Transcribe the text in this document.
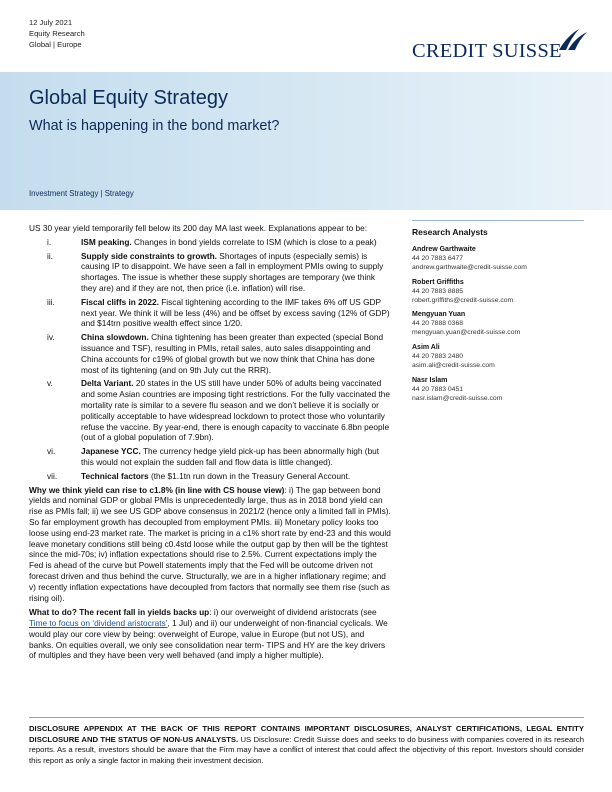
12 July 2021
Equity Research
Global | Europe	CREDIT SUISSE
Global Equity Strategy
What is happening in the bond market?
Investment Strategy | Strategy

US 30 year yield temporarily fell below its 200 day MA last week. Explanations appear to be:

i.	ISM peaking. Changes in bond yields correlate to ISM (which is close to a peak)
ii.	Supply side constraints to growth. Shortages of inputs (especially semis) is causing IP to disappoint. We have seen a fall in employment PMIs owing to supply shortages. The issue is whether these supply shortages are temporary (we think they are) and if they are not, then price (i.e. inflation) will rise.
iii.	Fiscal cliffs in 2022. Fiscal tightening according to the IMF takes 6% off US GDP next year. We think it will be less (4%) and be offset by excess saving (12% of GDP) and $14trn positive wealth effect since 1/20.
iv.	China slowdown. China tightening has been greater than expected (special Bond issuance and TSF), resulting in PMIs, retail sales, auto sales disappointing and China accounts for c19% of global growth but we now think that China has done most of its tightening (and on 9th July cut the RRR).
v.	Delta Variant. 20 states in the US still have under 50% of adults being vaccinated and some Asian countries are imposing tight restrictions. For the fully vaccinated the mortality rate is similar to a severe flu season and we don’t believe it is socially or politically acceptable to have widespread lockdown to protect those who voluntarily refuse the vaccine. By year-end, there is enough capacity to vaccinate 6.8bn people (out of a global population of 7.9bn).
vi.	Japanese YCC. The currency hedge yield pick-up has been abnormally high (but this would not explain the sudden fall and flow data is little changed).
vii.	Technical factors (the $1.1tn run down in the Treasury General Account.

Why we think yield can rise to c1.8% (in line with CS house view): i) The gap between bond yields and nominal GDP or global PMIs is unprecedentedly large, thus as in 2018 bond yield can rise as PMIs fall; ii) we see US GDP above consensus in 2021/2 (hence only a limited fall in PMIs). So far employment growth has decoupled from employment PMIs. iii) Monetary policy looks too loose using end-23 market rate. The market is pricing in a c1% short rate by end-23 and this would leave monetary conditions still being c0.4std loose while the output gap by then will be the tightest since the mid-70s; iv) inflation expectations should rise to 2.5%. Current expectations imply the Fed is ahead of the curve but Powell statements imply that the Fed will be outcome driven not forecast driven and thus behind the curve. Structurally, we are in a higher inflationary regime; and v) recently inflation expectations have decoupled from factors that normally see them rise (such as rising oil).

What to do? The recent fall in yields backs up: i) our overweight of dividend aristocrats (see Time to focus on ‘dividend aristocrats’, 1 Jul) and ii) our underweight of non-financial cyclicals. We would play our core view by being: overweight of Europe, value in Europe (but not US), and banks. On equities overall, we only see consolidation near term- TIPS and HY are the key drivers of multiples and they have been very well behaved (and imply a higher multiple).

Research Analysts
Andrew Garthwaite
44 20 7883 6477
andrew.garthwaite@credit-suisse.com
Robert Griffiths
44 20 7883 8885
robert.griffiths@credit-suisse.com
Mengyuan Yuan
44 20 7888 0368
mengyuan.yuan@credit-suisse.com
Asim Ali
44 20 7883 2480
asim.ali@credit-suisse.com
Nasr Islam
44 20 7883 0451
nasr.islam@credit-suisse.com
DISCLOSURE APPENDIX AT THE BACK OF THIS REPORT CONTAINS IMPORTANT DISCLOSURES, ANALYST CERTIFICATIONS, LEGAL ENTITY DISCLOSURE AND THE STATUS OF NON-US ANALYSTS. US Disclosure: Credit Suisse does and seeks to do business with companies covered in its research reports. As a result, investors should be aware that the Firm may have a conflict of interest that could affect the objectivity of this report. Investors should consider this report as only a single factor in making their investment decision.
